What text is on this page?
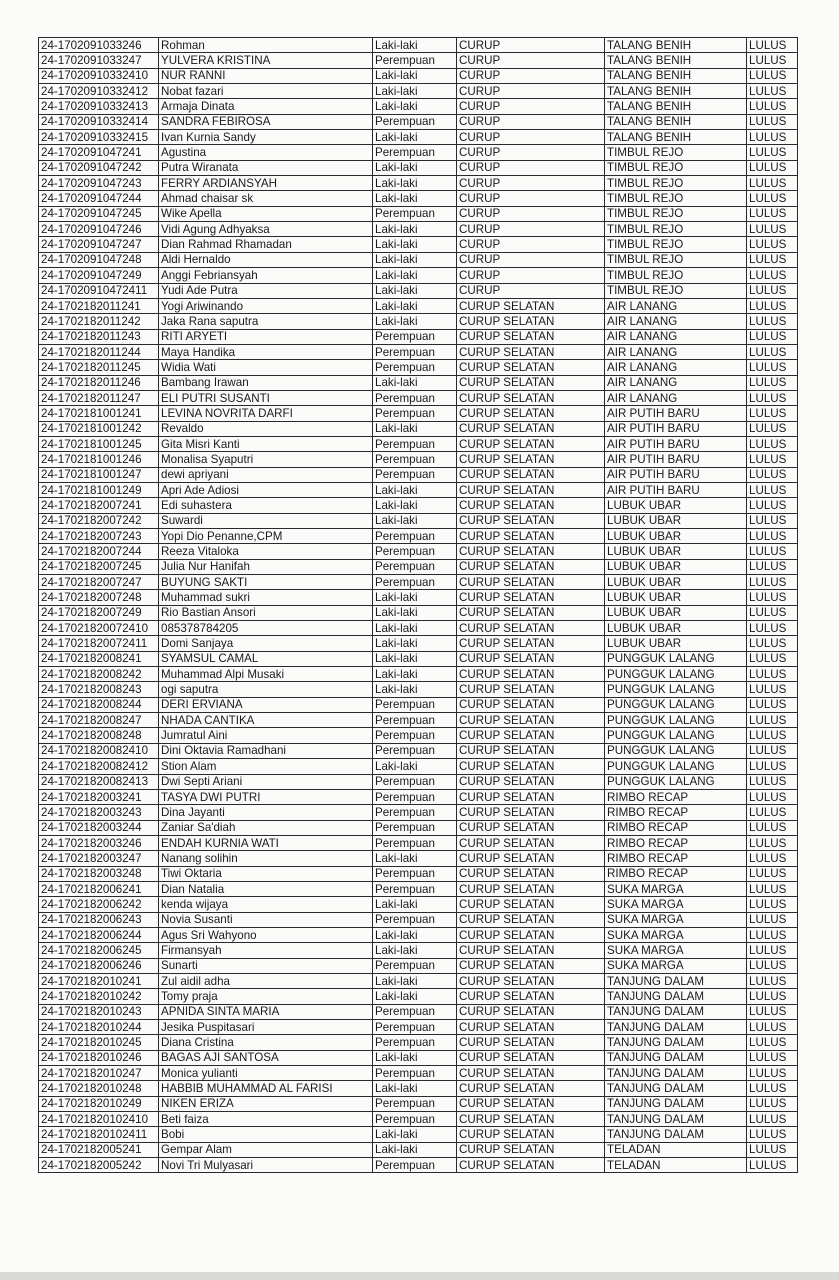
24-1702091033246	Rohman	Laki-laki	CURUP	TALANG BENIH	LULUS
24-1702091033247	YULVERA KRISTINA	Perempuan	CURUP	TALANG BENIH	LULUS
24-17020910332410	NUR RANNI	Laki-laki	CURUP	TALANG BENIH	LULUS
24-17020910332412	Nobat fazari	Laki-laki	CURUP	TALANG BENIH	LULUS
24-17020910332413	Armaja Dinata	Laki-laki	CURUP	TALANG BENIH	LULUS
24-17020910332414	SANDRA FEBIROSA	Perempuan	CURUP	TALANG BENIH	LULUS
24-17020910332415	Ivan Kurnia Sandy	Laki-laki	CURUP	TALANG BENIH	LULUS
24-1702091047241	Agustina	Perempuan	CURUP	TIMBUL REJO	LULUS
24-1702091047242	Putra Wiranata	Laki-laki	CURUP	TIMBUL REJO	LULUS
24-1702091047243	FERRY ARDIANSYAH	Laki-laki	CURUP	TIMBUL REJO	LULUS
24-1702091047244	Ahmad chaisar sk	Laki-laki	CURUP	TIMBUL REJO	LULUS
24-1702091047245	Wike Apella	Perempuan	CURUP	TIMBUL REJO	LULUS
24-1702091047246	Vidi Agung Adhyaksa	Laki-laki	CURUP	TIMBUL REJO	LULUS
24-1702091047247	Dian Rahmad Rhamadan	Laki-laki	CURUP	TIMBUL REJO	LULUS
24-1702091047248	Aldi Hernaldo	Laki-laki	CURUP	TIMBUL REJO	LULUS
24-1702091047249	Anggi Febriansyah	Laki-laki	CURUP	TIMBUL REJO	LULUS
24-17020910472411	Yudi Ade Putra	Laki-laki	CURUP	TIMBUL REJO	LULUS
24-1702182011241	Yogi Ariwinando	Laki-laki	CURUP SELATAN	AIR LANANG	LULUS
24-1702182011242	Jaka Rana saputra	Laki-laki	CURUP SELATAN	AIR LANANG	LULUS
24-1702182011243	RITI ARYETI	Perempuan	CURUP SELATAN	AIR LANANG	LULUS
24-1702182011244	Maya Handika	Perempuan	CURUP SELATAN	AIR LANANG	LULUS
24-1702182011245	Widia Wati	Perempuan	CURUP SELATAN	AIR LANANG	LULUS
24-1702182011246	Bambang Irawan	Laki-laki	CURUP SELATAN	AIR LANANG	LULUS
24-1702182011247	ELI PUTRI SUSANTI	Perempuan	CURUP SELATAN	AIR LANANG	LULUS
24-1702181001241	LEVINA NOVRITA DARFI	Perempuan	CURUP SELATAN	AIR PUTIH BARU	LULUS
24-1702181001242	Revaldo	Laki-laki	CURUP SELATAN	AIR PUTIH BARU	LULUS
24-1702181001245	Gita Misri Kanti	Perempuan	CURUP SELATAN	AIR PUTIH BARU	LULUS
24-1702181001246	Monalisa Syaputri	Perempuan	CURUP SELATAN	AIR PUTIH BARU	LULUS
24-1702181001247	dewi apriyani	Perempuan	CURUP SELATAN	AIR PUTIH BARU	LULUS
24-1702181001249	Apri Ade Adiosi	Laki-laki	CURUP SELATAN	AIR PUTIH BARU	LULUS
24-1702182007241	Edi suhastera	Laki-laki	CURUP SELATAN	LUBUK UBAR	LULUS
24-1702182007242	Suwardi	Laki-laki	CURUP SELATAN	LUBUK UBAR	LULUS
24-1702182007243	Yopi Dio Penanne,CPM	Perempuan	CURUP SELATAN	LUBUK UBAR	LULUS
24-1702182007244	Reeza Vitaloka	Perempuan	CURUP SELATAN	LUBUK UBAR	LULUS
24-1702182007245	Julia Nur Hanifah	Perempuan	CURUP SELATAN	LUBUK UBAR	LULUS
24-1702182007247	BUYUNG SAKTI	Perempuan	CURUP SELATAN	LUBUK UBAR	LULUS
24-1702182007248	Muhammad sukri	Laki-laki	CURUP SELATAN	LUBUK UBAR	LULUS
24-1702182007249	Rio Bastian Ansori	Laki-laki	CURUP SELATAN	LUBUK UBAR	LULUS
24-17021820072410	085378784205	Laki-laki	CURUP SELATAN	LUBUK UBAR	LULUS
24-17021820072411	Domi Sanjaya	Laki-laki	CURUP SELATAN	LUBUK UBAR	LULUS
24-1702182008241	SYAMSUL CAMAL	Laki-laki	CURUP SELATAN	PUNGGUK LALANG	LULUS
24-1702182008242	Muhammad Alpi Musaki	Laki-laki	CURUP SELATAN	PUNGGUK LALANG	LULUS
24-1702182008243	ogi saputra	Laki-laki	CURUP SELATAN	PUNGGUK LALANG	LULUS
24-1702182008244	DERI ERVIANA	Perempuan	CURUP SELATAN	PUNGGUK LALANG	LULUS
24-1702182008247	NHADA CANTIKA	Perempuan	CURUP SELATAN	PUNGGUK LALANG	LULUS
24-1702182008248	Jumratul Aini	Perempuan	CURUP SELATAN	PUNGGUK LALANG	LULUS
24-17021820082410	Dini Oktavia Ramadhani	Perempuan	CURUP SELATAN	PUNGGUK LALANG	LULUS
24-17021820082412	Stion Alam	Laki-laki	CURUP SELATAN	PUNGGUK LALANG	LULUS
24-17021820082413	Dwi Septi Ariani	Perempuan	CURUP SELATAN	PUNGGUK LALANG	LULUS
24-1702182003241	TASYA DWI PUTRI	Perempuan	CURUP SELATAN	RIMBO RECAP	LULUS
24-1702182003243	Dina Jayanti	Perempuan	CURUP SELATAN	RIMBO RECAP	LULUS
24-1702182003244	Zaniar Sa'diah	Perempuan	CURUP SELATAN	RIMBO RECAP	LULUS
24-1702182003246	ENDAH KURNIA WATI	Perempuan	CURUP SELATAN	RIMBO RECAP	LULUS
24-1702182003247	Nanang solihin	Laki-laki	CURUP SELATAN	RIMBO RECAP	LULUS
24-1702182003248	Tiwi Oktaria	Perempuan	CURUP SELATAN	RIMBO RECAP	LULUS
24-1702182006241	Dian Natalia	Perempuan	CURUP SELATAN	SUKA MARGA	LULUS
24-1702182006242	kenda wijaya	Laki-laki	CURUP SELATAN	SUKA MARGA	LULUS
24-1702182006243	Novia Susanti	Perempuan	CURUP SELATAN	SUKA MARGA	LULUS
24-1702182006244	Agus Sri Wahyono	Laki-laki	CURUP SELATAN	SUKA MARGA	LULUS
24-1702182006245	Firmansyah	Laki-laki	CURUP SELATAN	SUKA MARGA	LULUS
24-1702182006246	Sunarti	Perempuan	CURUP SELATAN	SUKA MARGA	LULUS
24-1702182010241	Zul aidil adha	Laki-laki	CURUP SELATAN	TANJUNG DALAM	LULUS
24-1702182010242	Tomy praja	Laki-laki	CURUP SELATAN	TANJUNG DALAM	LULUS
24-1702182010243	APNIDA SINTA MARIA	Perempuan	CURUP SELATAN	TANJUNG DALAM	LULUS
24-1702182010244	Jesika Puspitasari	Perempuan	CURUP SELATAN	TANJUNG DALAM	LULUS
24-1702182010245	Diana Cristina	Perempuan	CURUP SELATAN	TANJUNG DALAM	LULUS
24-1702182010246	BAGAS AJI SANTOSA	Laki-laki	CURUP SELATAN	TANJUNG DALAM	LULUS
24-1702182010247	Monica yulianti	Perempuan	CURUP SELATAN	TANJUNG DALAM	LULUS
24-1702182010248	HABBIB MUHAMMAD AL FARISI	Laki-laki	CURUP SELATAN	TANJUNG DALAM	LULUS
24-1702182010249	NIKEN ERIZA	Perempuan	CURUP SELATAN	TANJUNG DALAM	LULUS
24-17021820102410	Beti faiza	Perempuan	CURUP SELATAN	TANJUNG DALAM	LULUS
24-17021820102411	Bobi	Laki-laki	CURUP SELATAN	TANJUNG DALAM	LULUS
24-1702182005241	Gempar Alam	Laki-laki	CURUP SELATAN	TELADAN	LULUS
24-1702182005242	Novi Tri Mulyasari	Perempuan	CURUP SELATAN	TELADAN	LULUS
